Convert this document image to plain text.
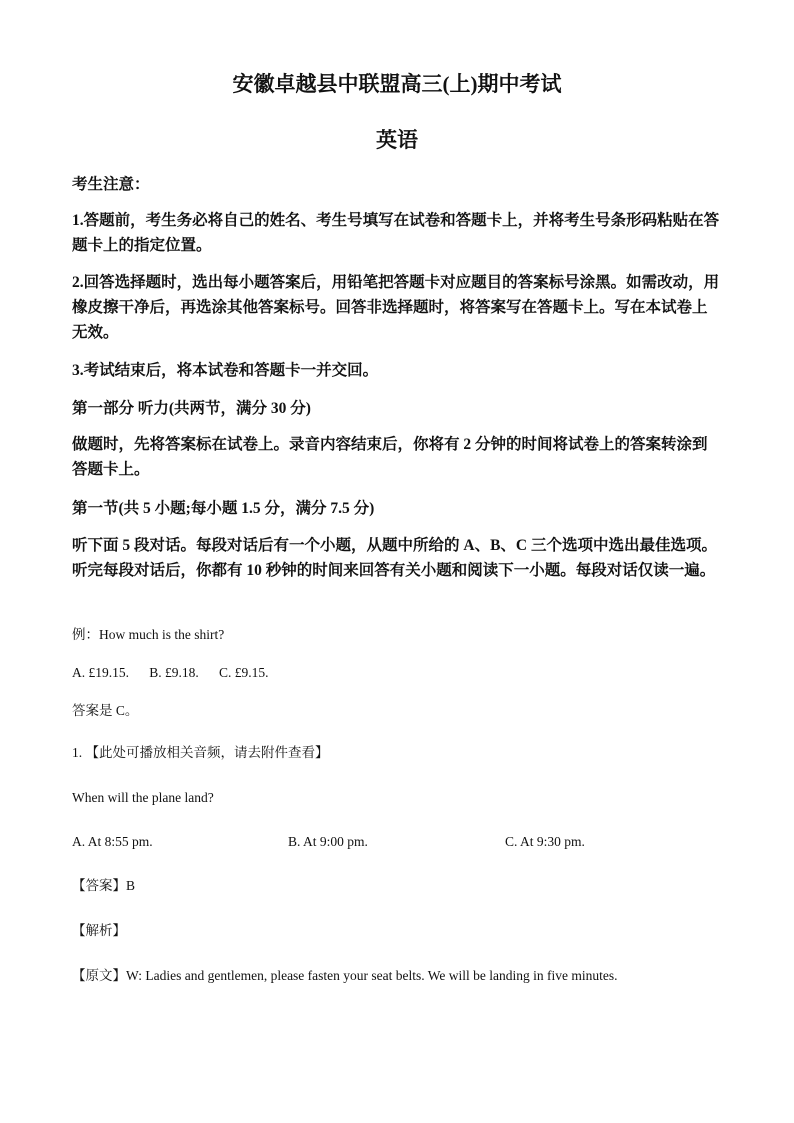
安徽卓越县中联盟高三(上)期中考试
英语
考生注意：
1.答题前，考生务必将自己的姓名、考生号填写在试卷和答题卡上，并将考生号条形码粘贴在答题卡上的指定位置。
2.回答选择题时，选出每小题答案后，用铅笔把答题卡对应题目的答案标号涂黑。如需改动，用橡皮擦干净后，再选涂其他答案标号。回答非选择题时，将答案写在答题卡上。写在本试卷上无效。
3.考试结束后，将本试卷和答题卡一并交回。
第一部分 听力(共两节，满分 30 分)
做题时，先将答案标在试卷上。录音内容结束后，你将有 2 分钟的时间将试卷上的答案转涂到答题卡上。
第一节(共 5 小题;每小题 1.5 分，满分 7.5 分)
听下面 5 段对话。每段对话后有一个小题，从题中所给的 A、B、C 三个选项中选出最佳选项。听完每段对话后，你都有 10 秒钟的时间来回答有关小题和阅读下一小题。每段对话仅读一遍。
例：How much is the shirt?
A. £19.15.      B. £9.18.      C. £9.15.
答案是 C。
1. 【此处可播放相关音频，请去附件查看】
When will the plane land?
A. At 8:55 pm.	B. At 9:00 pm.	C. At 9:30 pm.
【答案】B
【解析】
【原文】W: Ladies and gentlemen, please fasten your seat belts. We will be landing in five minutes.
